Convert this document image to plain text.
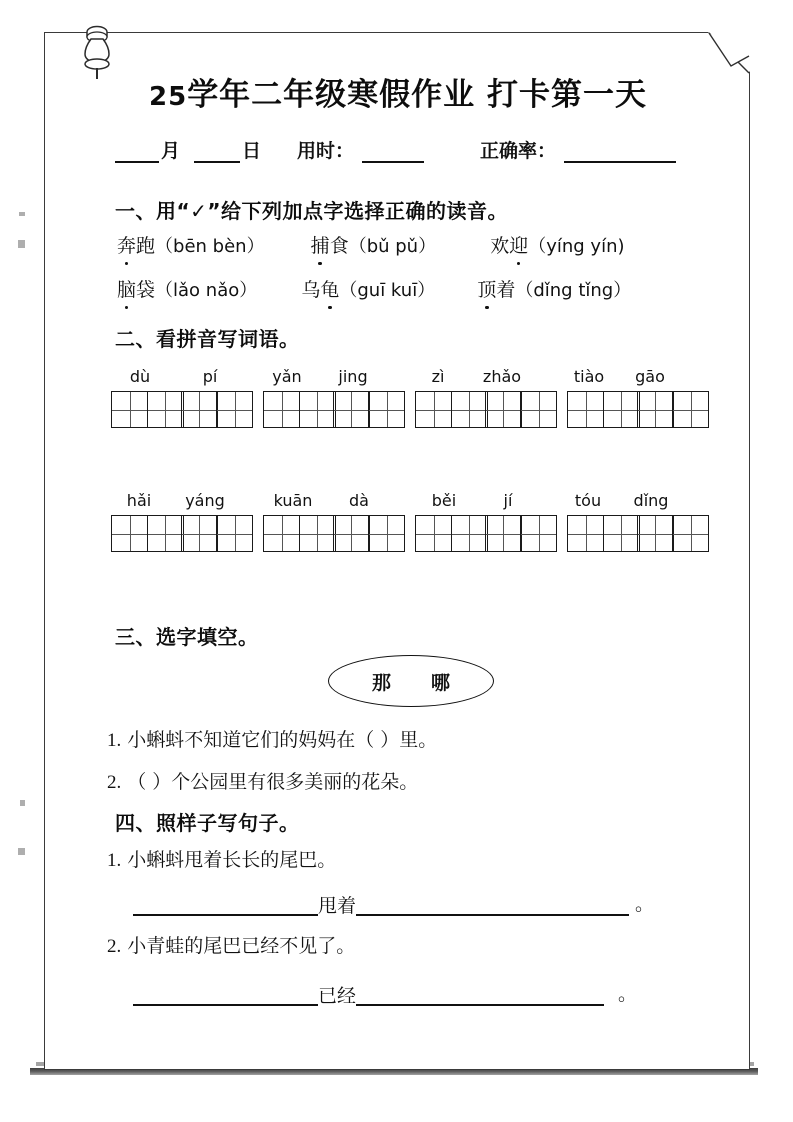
25学年二年级寒假作业 打卡第一天
月	日 用时：	正确率：
一、用“✓”给下列加点字选择正确的读音。
奔跑（bēn bèn） 捕食（bǔ pǔ）	欢迎（yíng yín)
脑袋（lǎo nǎo） 乌龟（guī kuī） 顶着（dǐng tǐng）
二、看拼音写词语。
dù	pí	yǎn	jing	zì	zhǎo	tiào	gāo
hǎi	yáng	kuān	dà	běi	jí	tóu	dǐng
三、选字填空。
那 哪
1. 小蝌蚪不知道它们的妈妈在（ ）里。
2. （ ）个公园里有很多美丽的花朵。
四、照样子写句子。
1. 小蝌蚪甩着长长的尾巴。
甩着	。
2. 小青蛙的尾巴已经不见了。
已经	。
